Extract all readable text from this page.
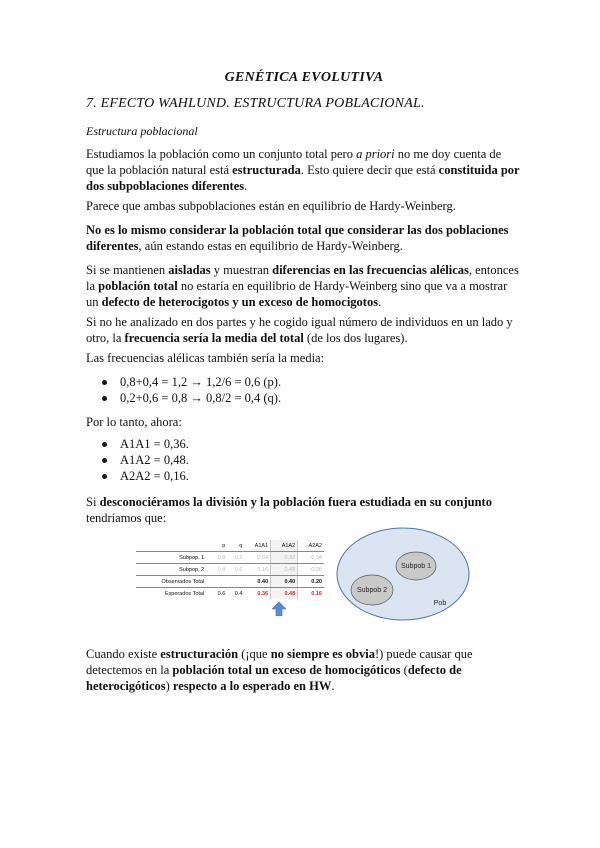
GENÉTICA EVOLUTIVA
7. EFECTO WAHLUND. ESTRUCTURA POBLACIONAL.
Estructura poblacional

Estudiamos la población como un conjunto total pero a priori no me doy cuenta de que la población natural está estructurada. Esto quiere decir que está constituida por dos subpoblaciones diferentes.

Parece que ambas subpoblaciones están en equilibrio de Hardy-Weinberg.

No es lo mismo considerar la población total que considerar las dos poblaciones diferentes, aún estando estas en equilibrio de Hardy-Weinberg.

Si se mantienen aisladas y muestran diferencias en las frecuencias alélicas, entonces la población total no estaría en equilibrio de Hardy-Weinberg sino que va a mostrar un defecto de heterocigotos y un exceso de homocigotos.

Si no he analizado en dos partes y he cogido igual número de individuos en un lado y otro, la frecuencia sería la media del total (de los dos lugares).

Las frecuencias alélicas también sería la media:

0,8+0,4 = 1,2 → 1,2/6 = 0,6 (p).
0,2+0,6 = 0,8 → 0,8/2 = 0,4 (q).

Por lo tanto, ahora:

A1A1 = 0,36.
A1A2 = 0,48.
A2A2 = 0,16.

Si desconociéramos la división y la población fuera estudiada en su conjunto tendríamos que:

Cuando existe estructuración (¡que no siempre es obvia!) puede causar que detectemos en la población total un exceso de homocigóticos (defecto de heterocigóticos) respecto a lo esperado en HW.

	p	q	A1A1	A1A2	A2A2
Subpop. 1	0.8	0.2	0.64	0.32	0.04
Subpop. 2	0.4	0.6	0.16	0.48	0.36
Observados Total			0.40	0.40	0.20
Esperados Total	0.6	0.4	0.36	0.48	0.16
Subpob 1
Subpob 2
Pob
